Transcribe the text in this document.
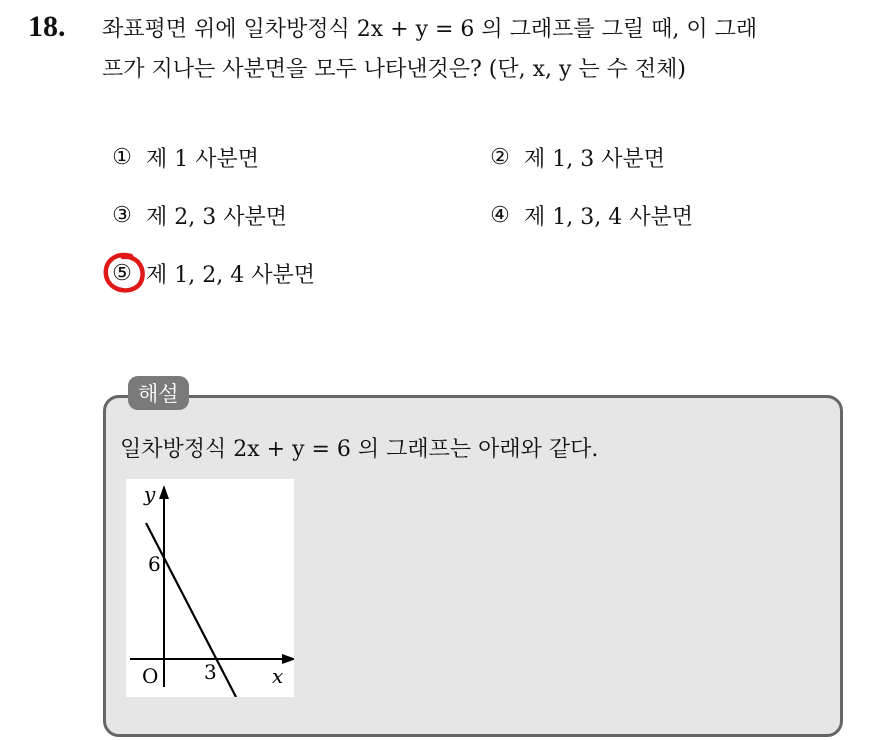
18. 좌표평면 위에 일차방정식 2x + y = 6 의 그래프를 그릴 때, 이 그래
프가 지나는 사분면을 모두 나타낸것은? (단, x, y 는 수 전체)
① 제 1 사분면	② 제 1, 3 사분면
③ 제 2, 3 사분면	④ 제 1, 3, 4 사분면
⑤ 제 1, 2, 4 사분면
해설
일차방정식 2x + y = 6 의 그래프는 아래와 같다.
y
x
O
6
3
